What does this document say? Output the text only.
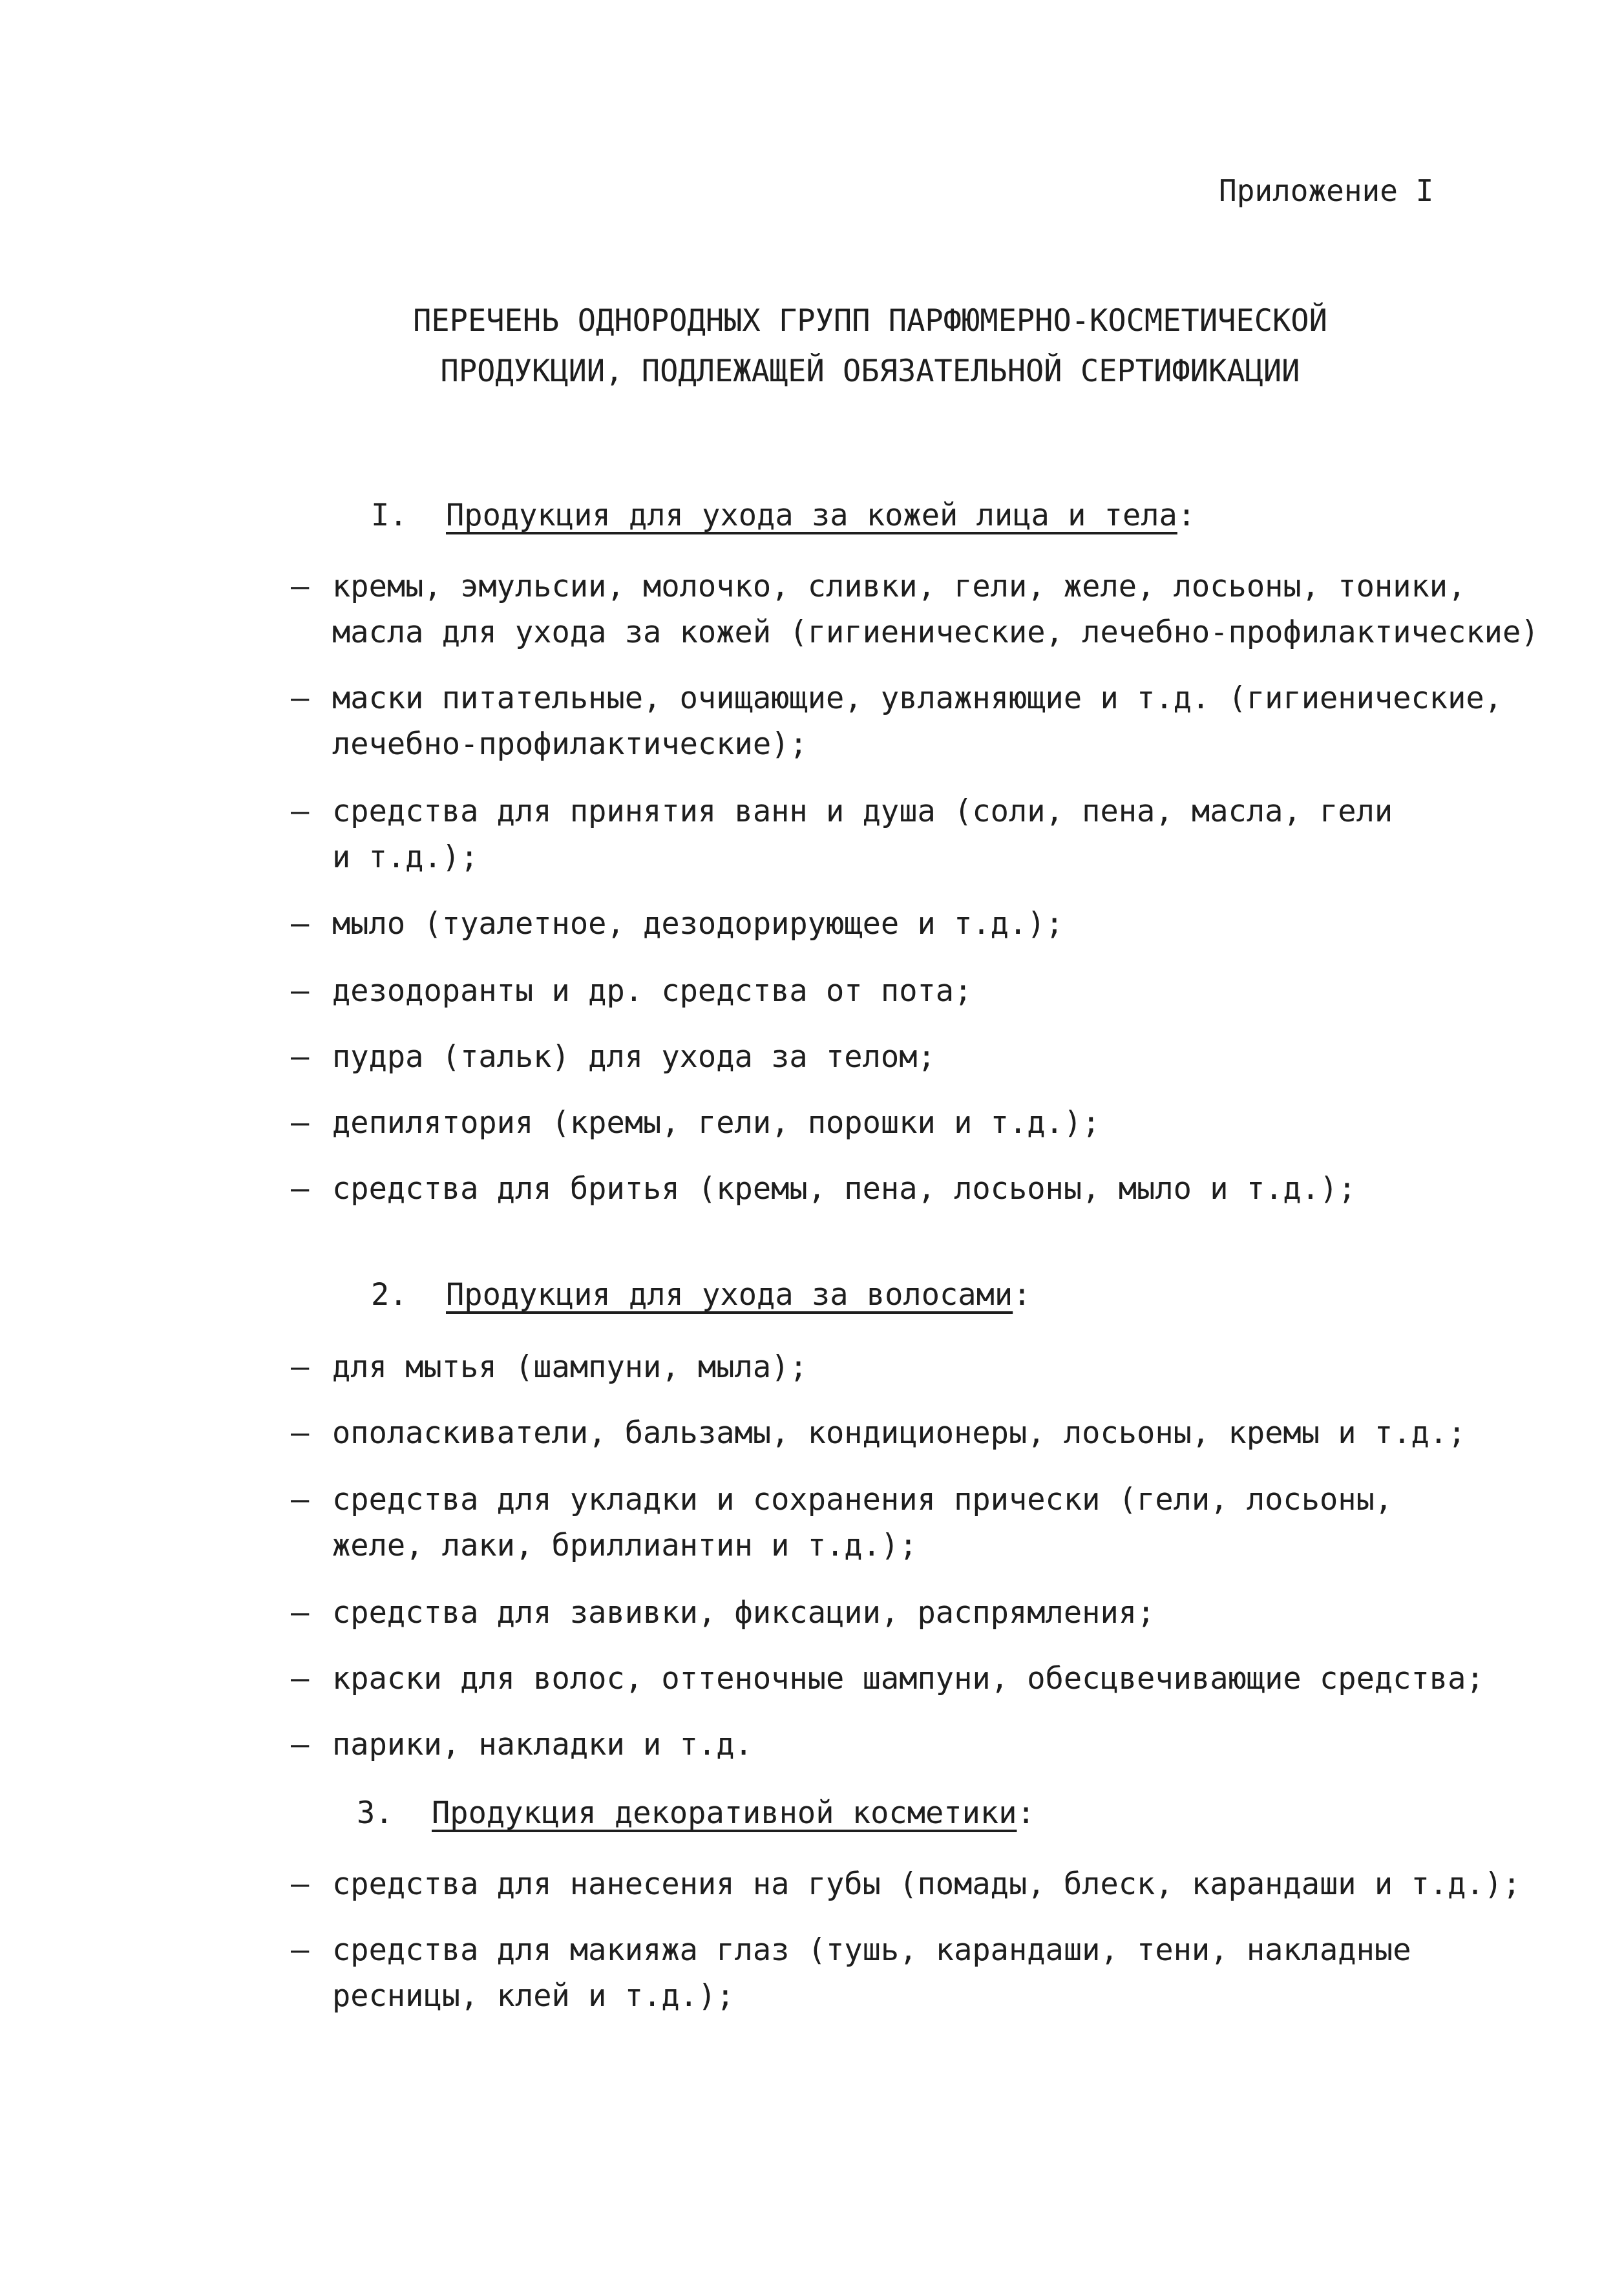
Приложение I
ПЕРЕЧЕНЬ ОДНОРОДНЫХ ГРУПП ПАРФЮМЕРНО-КОСМЕТИЧЕСКОЙ
ПРОДУКЦИИ, ПОДЛЕЖАЩЕЙ ОБЯЗАТЕЛЬНОЙ СЕРТИФИКАЦИИ
I. Продукция для ухода за кожей лица и тела:
– кремы, эмульсии, молочко, сливки, гели, желе, лосьоны, тоники,
масла для ухода за кожей (гигиенические, лечебно-профилактические)
– маски питательные, очищающие, увлажняющие и т.д. (гигиенические,
лечебно-профилактические);
– средства для принятия ванн и душа (соли, пена, масла, гели
и т.д.);
– мыло (туалетное, дезодорирующее и т.д.);
– дезодоранты и др. средства от пота;
– пудра (тальк) для ухода за телом;
– депилятория (кремы, гели, порошки и т.д.);
– средства для бритья (кремы, пена, лосьоны, мыло и т.д.);
2. Продукция для ухода за волосами:
– для мытья (шампуни, мыла);
– ополаскиватели, бальзамы, кондиционеры, лосьоны, кремы и т.д.;
– средства для укладки и сохранения прически (гели, лосьоны,
желе, лаки, бриллиантин и т.д.);
– средства для завивки, фиксации, распрямления;
– краски для волос, оттеночные шампуни, обесцвечивающие средства;
– парики, накладки и т.д.
3. Продукция декоративной косметики:
– средства для нанесения на губы (помады, блеск, карандаши и т.д.);
– средства для макияжа глаз (тушь, карандаши, тени, накладные
ресницы, клей и т.д.);
